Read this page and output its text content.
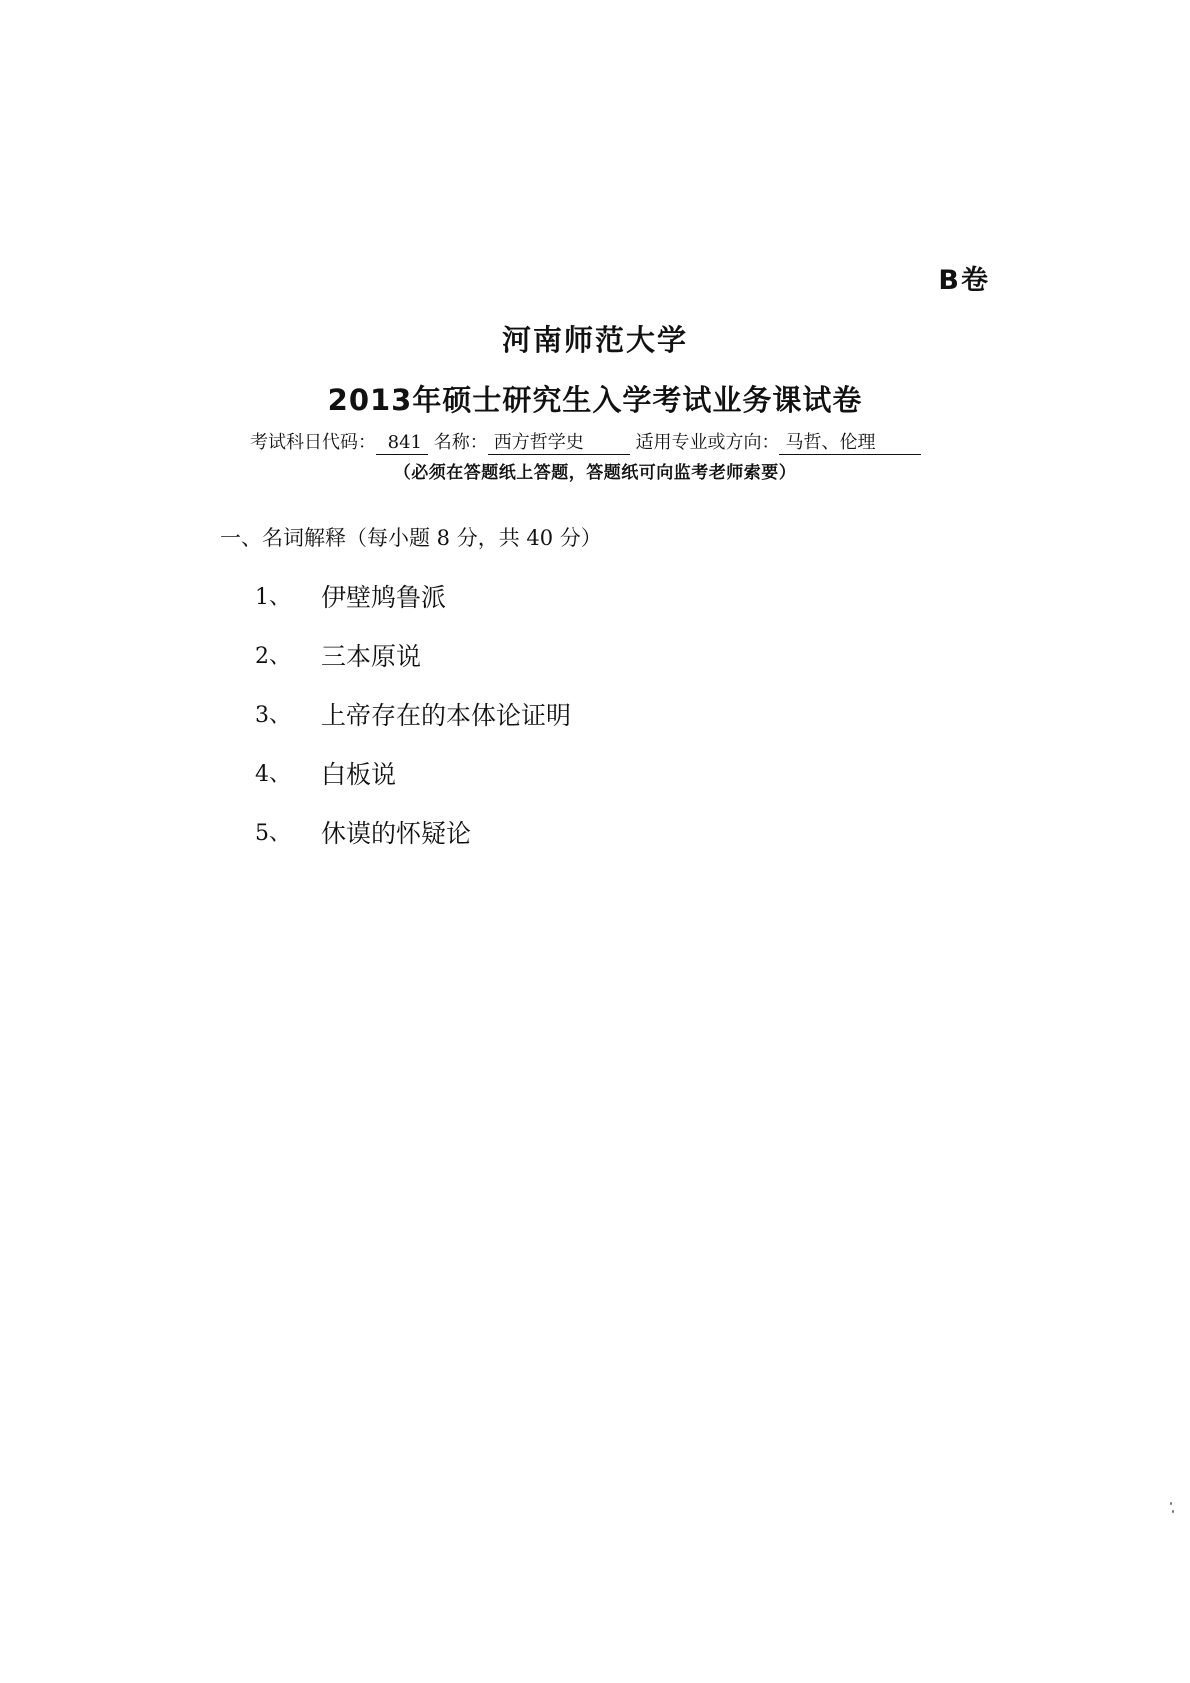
B卷
河南师范大学
2013年硕士研究生入学考试业务课试卷
考试科日代码： 841 名称： 西方哲学史	适用专业或方向： 马哲、伦理
（必须在答题纸上答题，答题纸可向监考老师索要）
一、名词解释（每小题 8 分，共 40 分）
1、	伊壁鸠鲁派
2、	三本原说
3、	上帝存在的本体论证明
4、	白板说
5、	休谟的怀疑论
